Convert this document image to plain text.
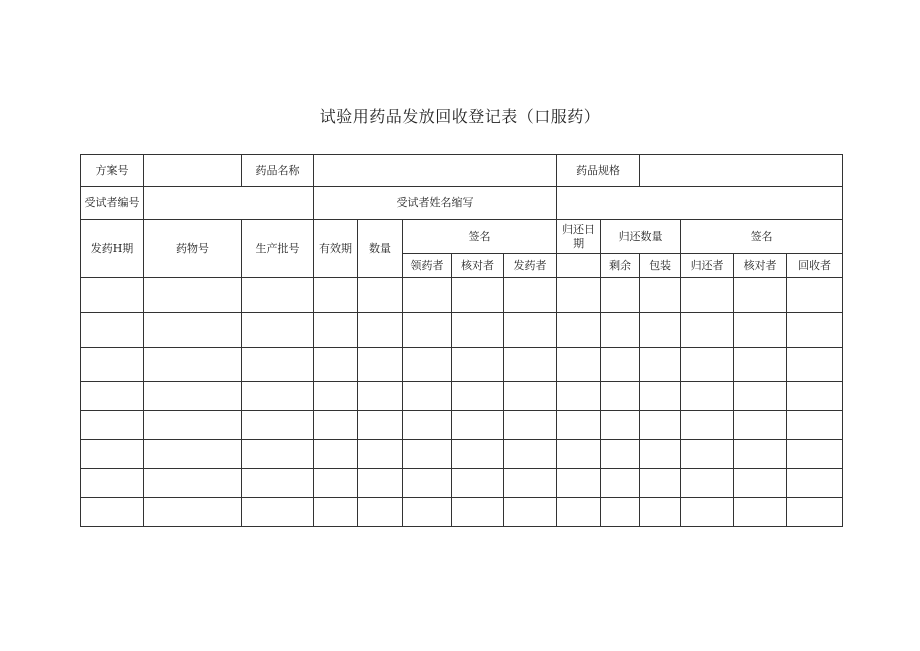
试验用药品发放回收登记表（口服药）
方案号		药品名称						药品规格					
受试者编号			受试者姓名缩写										
发药H期	药物号	生产批号	有效期	数量	签名			归还日期	归还数量		签名		
					领药者	核对者	发药者		剩余	包装	归还者	核对者	回收者
